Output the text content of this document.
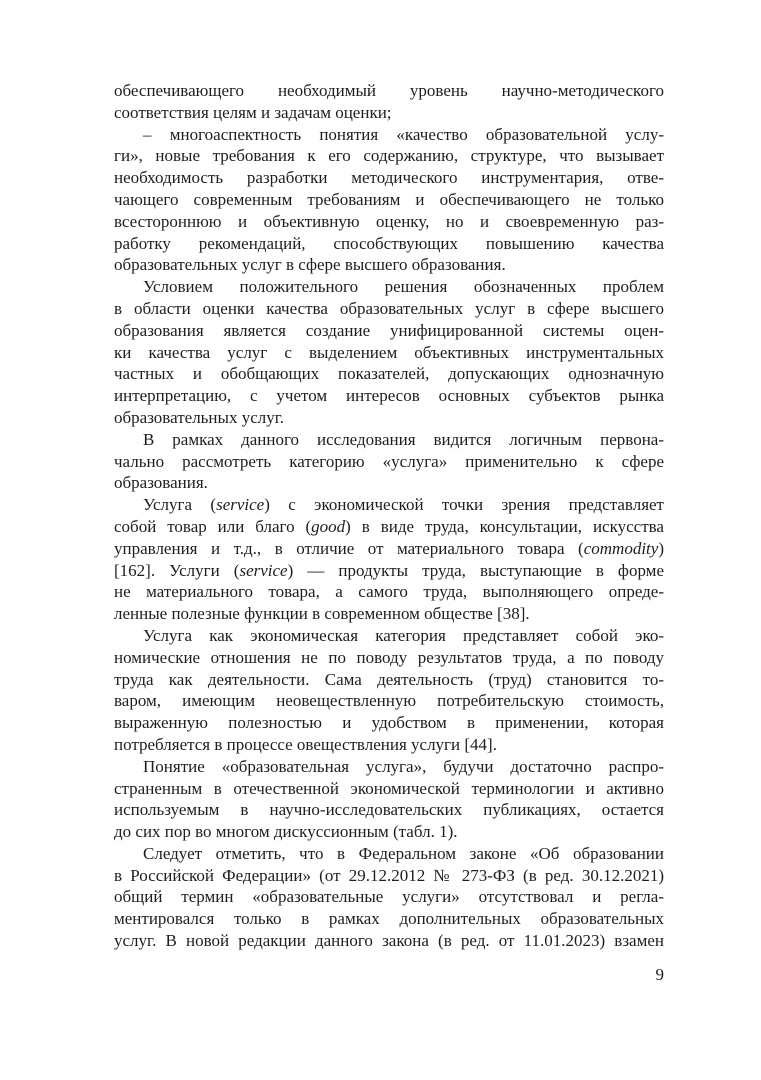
обеспечивающего необходимый уровень научно-методического
соответствия целям и задачам оценки;
– многоаспектность понятия «качество образовательной услу-
ги», новые требования к его содержанию, структуре, что вызывает
необходимость разработки методического инструментария, отве-
чающего современным требованиям и обеспечивающего не только
всестороннюю и объективную оценку, но и своевременную раз-
работку рекомендаций, способствующих повышению качества
образовательных услуг в сфере высшего образования.
Условием положительного решения обозначенных проблем
в области оценки качества образовательных услуг в сфере высшего
образования является создание унифицированной системы оцен-
ки качества услуг с выделением объективных инструментальных
частных и обобщающих показателей, допускающих однозначную
интерпретацию, с учетом интересов основных субъектов рынка
образовательных услуг.
В рамках данного исследования видится логичным первона-
чально рассмотреть категорию «услуга» применительно к сфере
образования.
Услуга (service) с экономической точки зрения представляет
собой товар или благо (good) в виде труда, консультации, искусства
управления и т.д., в отличие от материального товара (commodity)
[162]. Услуги (service) — продукты труда, выступающие в форме
не материального товара, а самого труда, выполняющего опреде-
ленные полезные функции в современном обществе [38].
Услуга как экономическая категория представляет собой эко-
номические отношения не по поводу результатов труда, а по поводу
труда как деятельности. Сама деятельность (труд) становится то-
варом, имеющим неовеществленную потребительскую стоимость,
выраженную полезностью и удобством в применении, которая
потребляется в процессе овеществления услуги [44].
Понятие «образовательная услуга», будучи достаточно распро-
страненным в отечественной экономической терминологии и активно
используемым в научно-исследовательских публикациях, остается
до сих пор во многом дискуссионным (табл. 1).
Следует отметить, что в Федеральном законе «Об образовании
в Российской Федерации» (от 29.12.2012 № 273-ФЗ (в ред. 30.12.2021)
общий термин «образовательные услуги» отсутствовал и регла-
ментировался только в рамках дополнительных образовательных
услуг. В новой редакции данного закона (в ред. от 11.01.2023) взамен
9
